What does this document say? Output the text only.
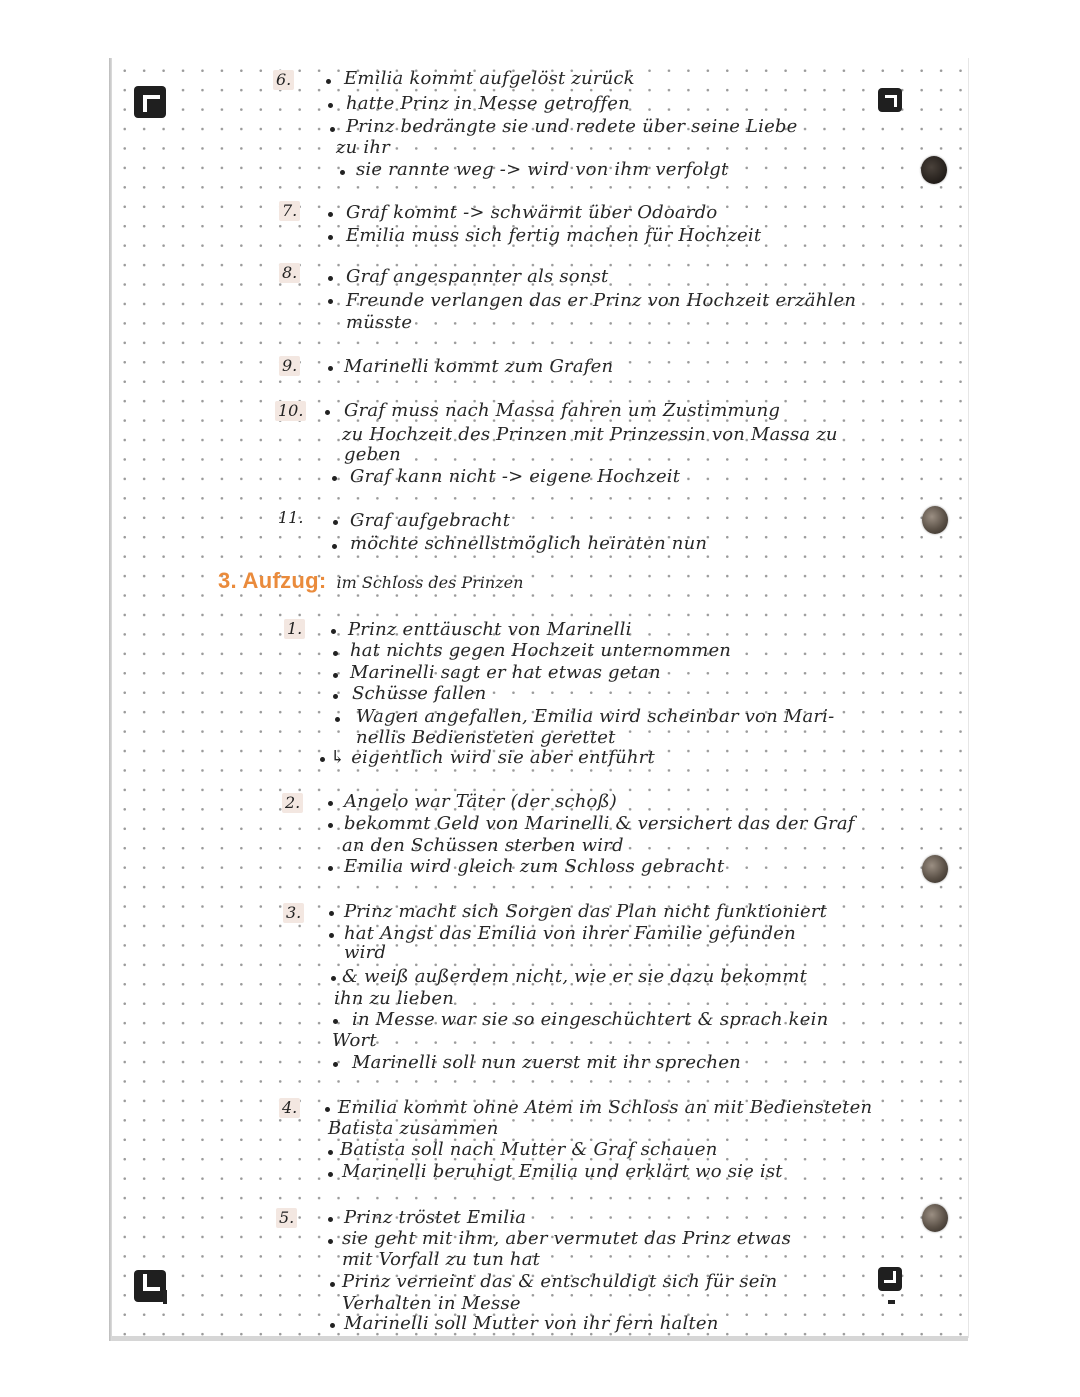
6.	Emilia kommt aufgelöst zurück
hatte Prinz in Messe getroffen
Prinz bedrängte sie und redete über seine Liebe
zu ihr
sie rannte weg -> wird von ihm verfolgt
7.	Graf kommt -> schwärmt über Odoardo
Emilia muss sich fertig machen für Hochzeit
8.	Graf angespannter als sonst
Freunde verlangen das er Prinz von Hochzeit erzählen
müsste
9.	Marinelli kommt zum Grafen
10. Graf muss nach Massa fahren um Zustimmung
zu Hochzeit des Prinzen mit Prinzessin von Massa zu
geben
Graf kann nicht -> eigene Hochzeit
11.	Graf aufgebracht
möchte schnellstmöglich heiraten nun
3. Aufzug: im Schloss des Prinzen
1.	Prinz enttäuscht von Marinelli
hat nichts gegen Hochzeit unternommen
Marinelli sagt er hat etwas getan
Schüsse fallen
Wagen angefallen, Emilia wird scheinbar von Mari-
nellis Bediensteten gerettet
↳ eigentlich wird sie aber entführt
2. Angelo war Täter (der schoß)
bekommt Geld von Marinelli & versichert das der Graf
an den Schüssen sterben wird
Emilia wird gleich zum Schloss gebracht
3. Prinz macht sich Sorgen das Plan nicht funktioniert
hat Angst das Emilia von ihrer Familie gefunden
wird
& weiß außerdem nicht, wie er sie dazu bekommt
ihn zu lieben
in Messe war sie so eingeschüchtert & sprach kein
Wort
Marinelli soll nun zuerst mit ihr sprechen
4. Emilia kommt ohne Atem im Schloss an mit Bediensteten
Batista zusammen
Batista soll nach Mutter & Graf schauen
Marinelli beruhigt Emilia und erklärt wo sie ist
5.	Prinz tröstet Emilia
sie geht mit ihm, aber vermutet das Prinz etwas
mit Vorfall zu tun hat
Prinz verneint das & entschuldigt sich für sein
Verhalten in Messe
Marinelli soll Mutter von ihr fern halten
